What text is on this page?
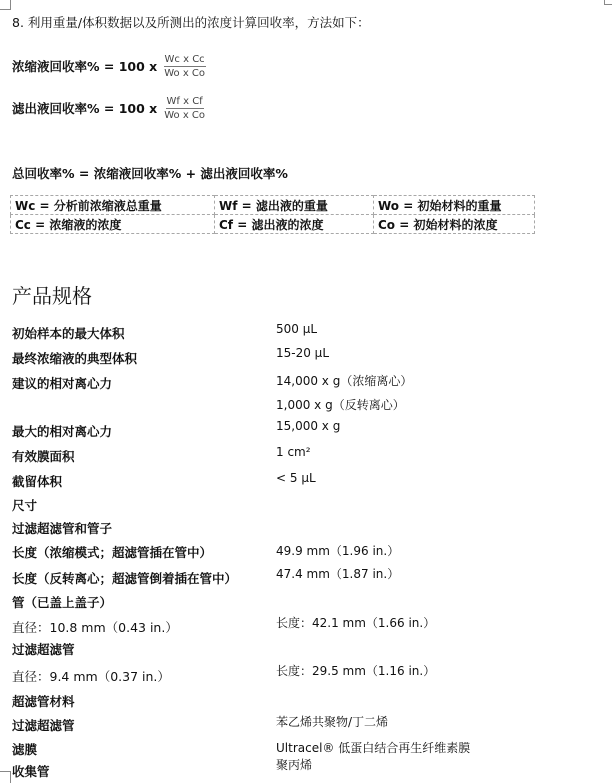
8. 利用重量/体积数据以及所测出的浓度计算回收率，方法如下：
浓缩液回收率% = 100 x $\frac{\text{Wc x Cc}}{\text{Wo x Co}}$
滤出液回收率% = 100 x $\frac{\text{Wf x Cf}}{\text{Wo x Co}}$
总回收率% = 浓缩液回收率% + 滤出液回收率%
Wc = 分析前浓缩液总重量	Wf = 滤出液的重量	Wo = 初始材料的重量
Cc = 浓缩液的浓度	Cf = 滤出液的浓度	Co = 初始材料的浓度
产品规格
初始样本的最大体积	500 µL
最终浓缩液的典型体积	15-20 µL
建议的相对离心力	14,000 x g（浓缩离心）
1,000 x g（反转离心）
最大的相对离心力	15,000 x g
有效膜面积	1 cm²
截留体积	< 5 µL
尺寸
过滤超滤管和管子
长度（浓缩模式；超滤管插在管中）	49.9 mm（1.96 in.）
长度（反转离心；超滤管倒着插在管中）	47.4 mm（1.87 in.）
管（已盖上盖子）
直径：10.8 mm（0.43 in.）	长度：42.1 mm（1.66 in.）
过滤超滤管
直径：9.4 mm（0.37 in.）	长度：29.5 mm（1.16 in.）
超滤管材料
过滤超滤管	苯乙烯共聚物/丁二烯
滤膜	Ultracel® 低蛋白结合再生纤维素膜
收集管	聚丙烯
